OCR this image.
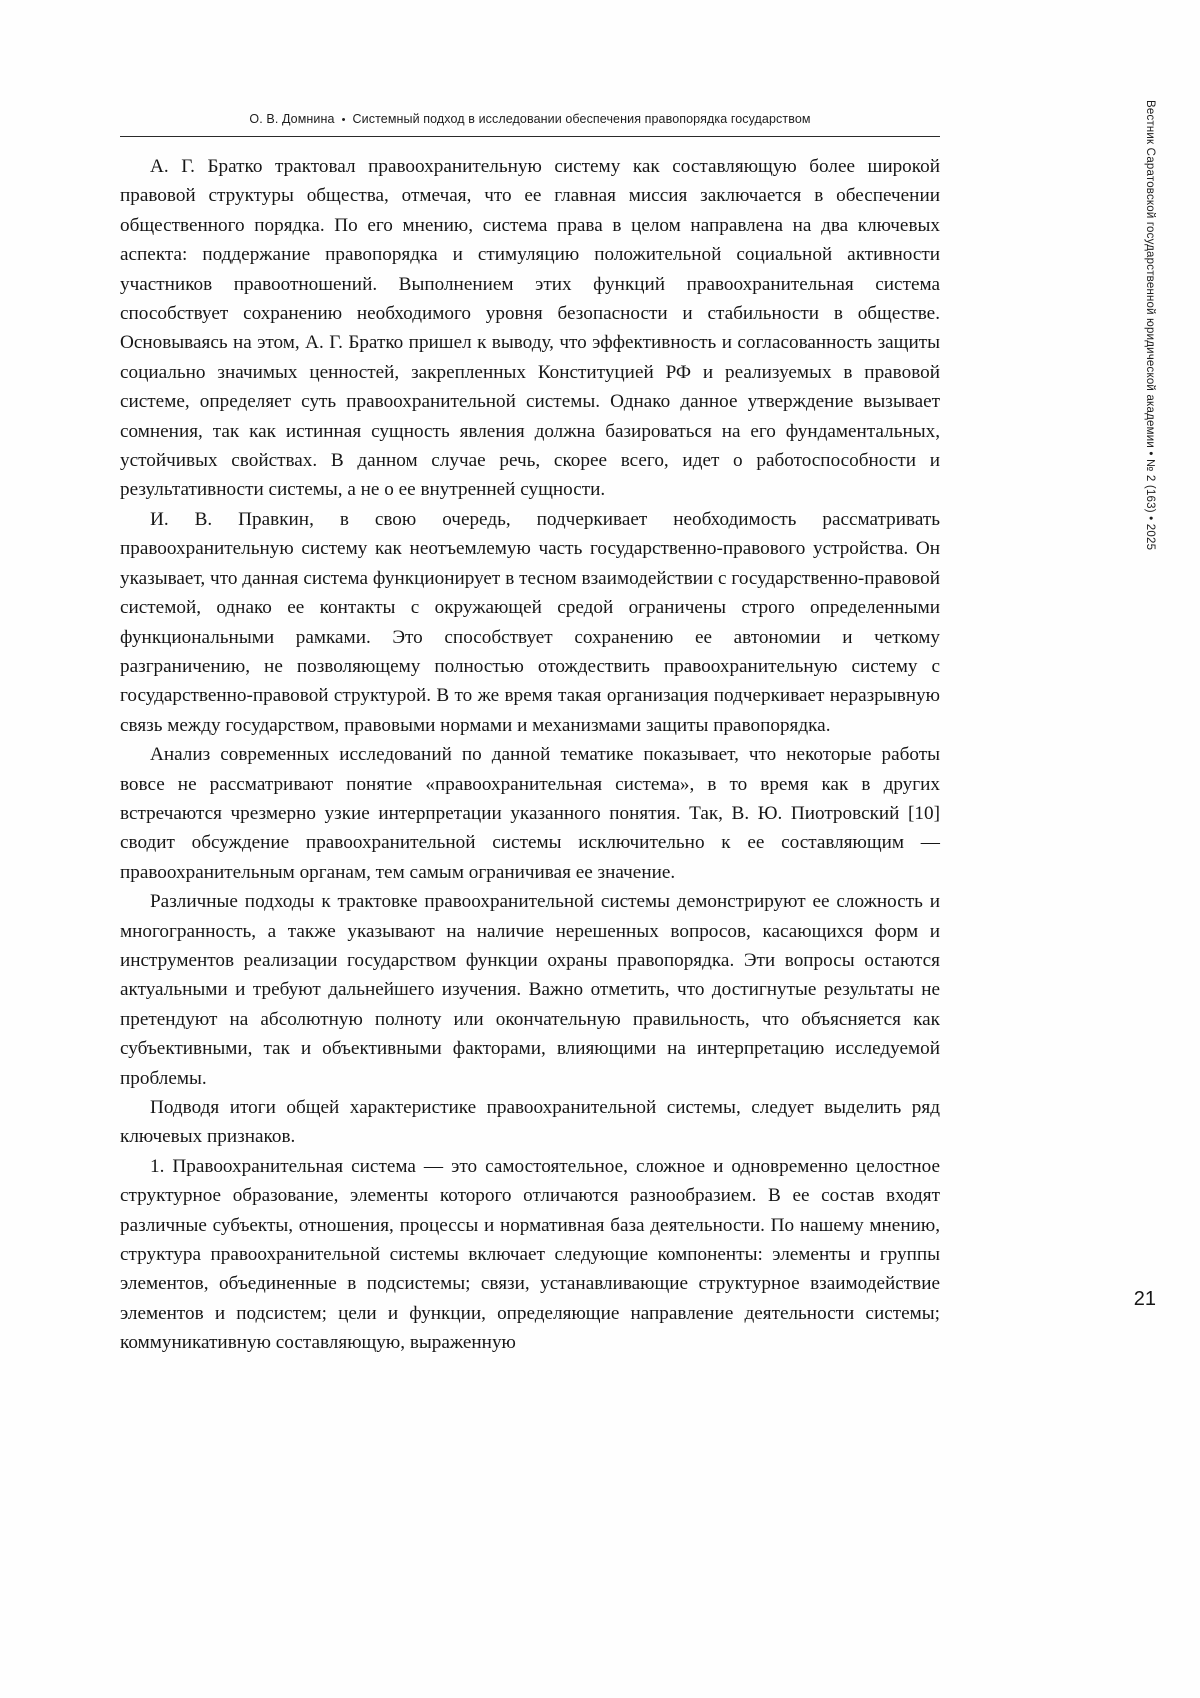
О. В. Домнина • Системный подход в исследовании обеспечения правопорядка государством

А. Г. Братко трактовал правоохранительную систему как составляющую более широкой правовой структуры общества, отмечая, что ее главная миссия заключается в обеспечении общественного порядка. По его мнению, система права в целом направлена на два ключевых аспекта: поддержание правопорядка и стимуляцию положительной социальной активности участников правоотношений. Выполнением этих функций правоохранительная система способствует сохранению необходимого уровня безопасности и стабильности в обществе. Основываясь на этом, А. Г. Братко пришел к выводу, что эффективность и согласованность защиты социально значимых ценностей, закрепленных Конституцией РФ и реализуемых в правовой системе, определяет суть правоохранительной системы. Однако данное утверждение вызывает сомнения, так как истинная сущность явления должна базироваться на его фундаментальных, устойчивых свойствах. В данном случае речь, скорее всего, идет о работоспособности и результативности системы, а не о ее внутренней сущности.

И. В. Правкин, в свою очередь, подчеркивает необходимость рассматривать правоохранительную систему как неотъемлемую часть государственно-правового устройства. Он указывает, что данная система функционирует в тесном взаимодействии с государственно-правовой системой, однако ее контакты с окружающей средой ограничены строго определенными функциональными рамками. Это способствует сохранению ее автономии и четкому разграничению, не позволяющему полностью отождествить правоохранительную систему с государственно-правовой структурой. В то же время такая организация подчеркивает неразрывную связь между государством, правовыми нормами и механизмами защиты правопорядка.

Анализ современных исследований по данной тематике показывает, что некоторые работы вовсе не рассматривают понятие «правоохранительная система», в то время как в других встречаются чрезмерно узкие интерпретации указанного понятия. Так, В. Ю. Пиотровский [10] сводит обсуждение правоохранительной системы исключительно к ее составляющим — правоохранительным органам, тем самым ограничивая ее значение.

Различные подходы к трактовке правоохранительной системы демонстрируют ее сложность и многогранность, а также указывают на наличие нерешенных вопросов, касающихся форм и инструментов реализации государством функции охраны правопорядка. Эти вопросы остаются актуальными и требуют дальнейшего изучения. Важно отметить, что достигнутые результаты не претендуют на абсолютную полноту или окончательную правильность, что объясняется как субъективными, так и объективными факторами, влияющими на интерпретацию исследуемой проблемы.

Подводя итоги общей характеристике правоохранительной системы, следует выделить ряд ключевых признаков.

1. Правоохранительная система — это самостоятельное, сложное и одновременно целостное структурное образование, элементы которого отличаются разнообразием. В ее состав входят различные субъекты, отношения, процессы и нормативная база деятельности. По нашему мнению, структура правоохранительной системы включает следующие компоненты: элементы и группы элементов, объединенные в подсистемы; связи, устанавливающие структурное взаимодействие элементов и подсистем; цели и функции, определяющие направление деятельности системы; коммуникативную составляющую, выраженную

Вестник Саратовской государственной юридической академии • № 2 (163) • 2025
21
